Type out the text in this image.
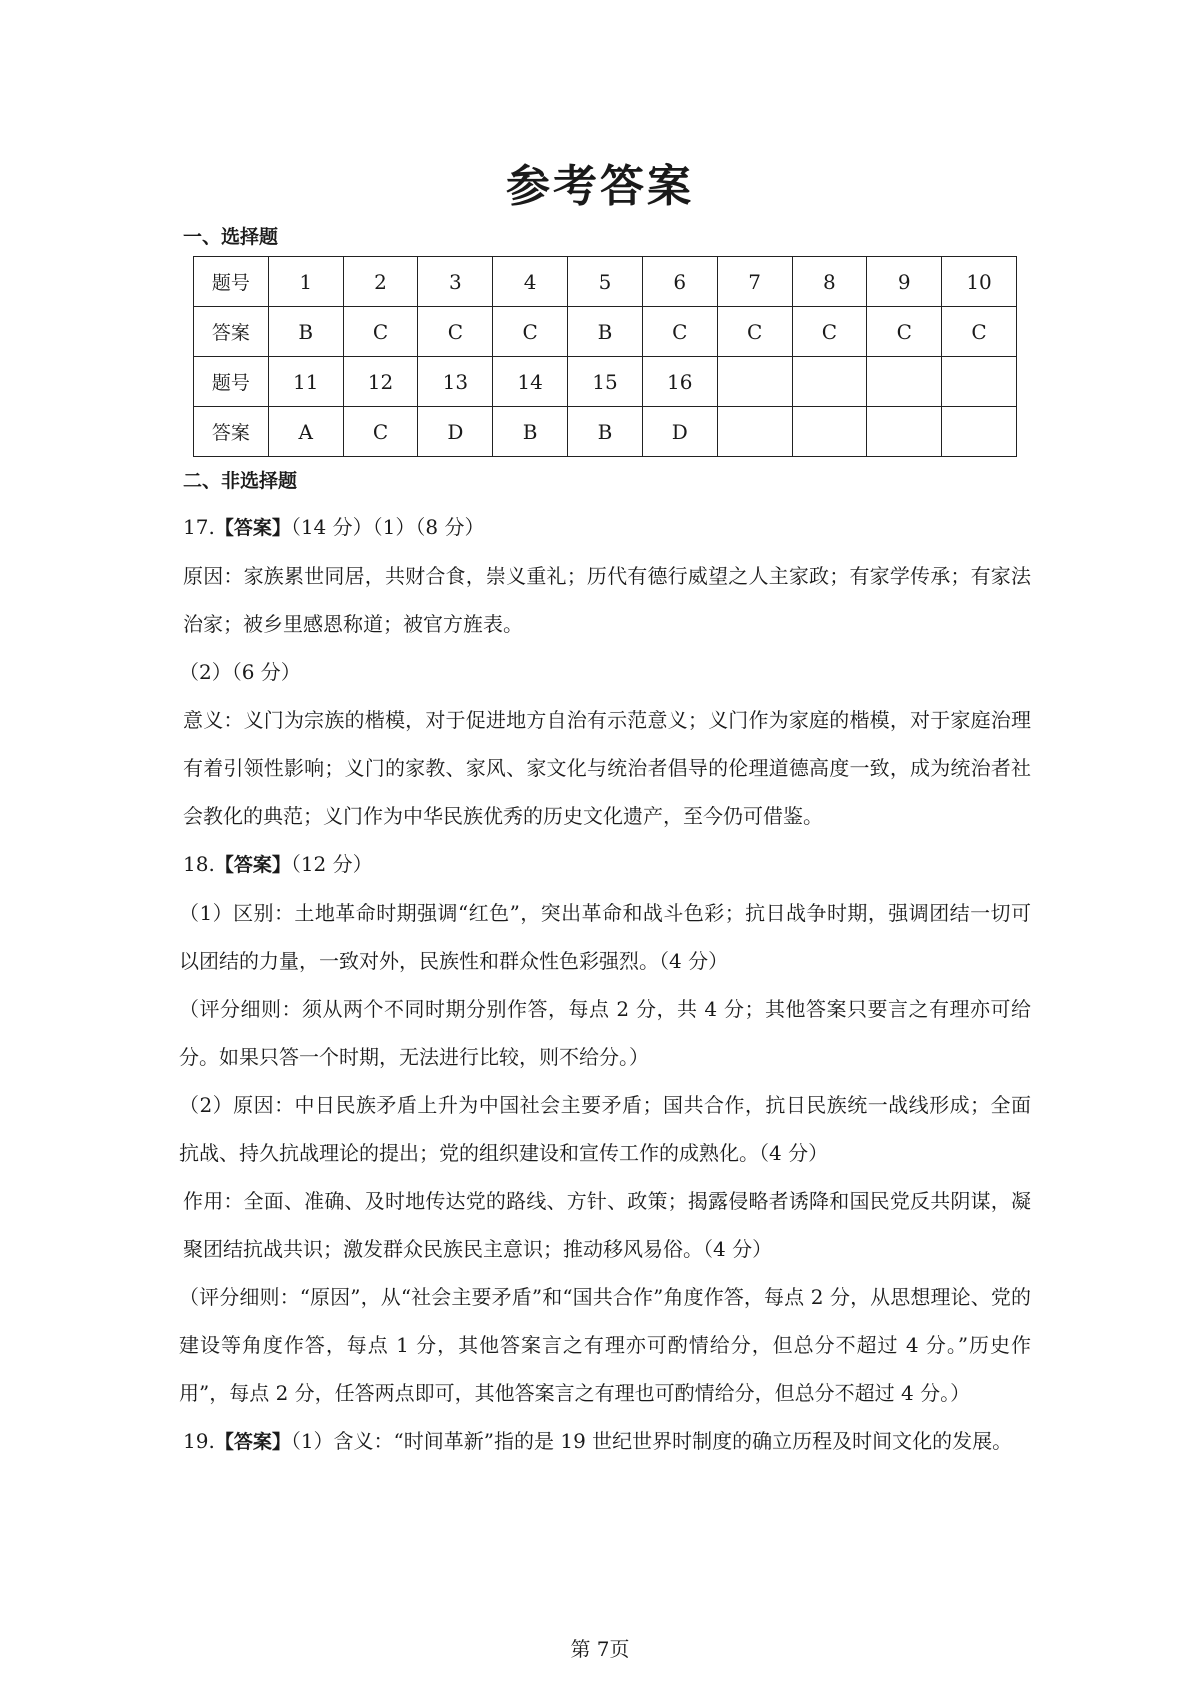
参考答案
一、选择题
题号	1	2	3	4	5	6	7	8	9	10
答案	B	C	C	C	B	C	C	C	C	C
题号	11	12	13	14	15	16				
答案	A	C	D	B	B	D				
二、非选择题

17.【答案】（14 分）（1）（8 分）

原因：家族累世同居，共财合食，崇义重礼；历代有德行威望之人主家政；有家学传承；有家法治家；被乡里感恩称道；被官方旌表。

（2）（6 分）

意义：义门为宗族的楷模，对于促进地方自治有示范意义；义门作为家庭的楷模，对于家庭治理有着引领性影响；义门的家教、家风、家文化与统治者倡导的伦理道德高度一致，成为统治者社会教化的典范；义门作为中华民族优秀的历史文化遗产，至今仍可借鉴。

18.【答案】（12 分）

（1）区别：土地革命时期强调“红色”，突出革命和战斗色彩；抗日战争时期，强调团结一切可以团结的力量，一致对外，民族性和群众性色彩强烈。（4 分）

（评分细则：须从两个不同时期分别作答，每点 2 分，共 4 分；其他答案只要言之有理亦可给分。如果只答一个时期，无法进行比较，则不给分。）

（2）原因：中日民族矛盾上升为中国社会主要矛盾；国共合作，抗日民族统一战线形成；全面抗战、持久抗战理论的提出；党的组织建设和宣传工作的成熟化。（4 分）

作用：全面、准确、及时地传达党的路线、方针、政策；揭露侵略者诱降和国民党反共阴谋，凝聚团结抗战共识；激发群众民族民主意识；推动移风易俗。（4 分）

（评分细则：“原因”，从“社会主要矛盾”和“国共合作”角度作答，每点 2 分，从思想理论、党的建设等角度作答，每点 1 分，其他答案言之有理亦可酌情给分，但总分不超过 4 分。”历史作用”，每点 2 分，任答两点即可，其他答案言之有理也可酌情给分，但总分不超过 4 分。）

19.【答案】（1）含义：“时间革新”指的是 19 世纪世界时制度的确立历程及时间文化的发展。

第 7页
